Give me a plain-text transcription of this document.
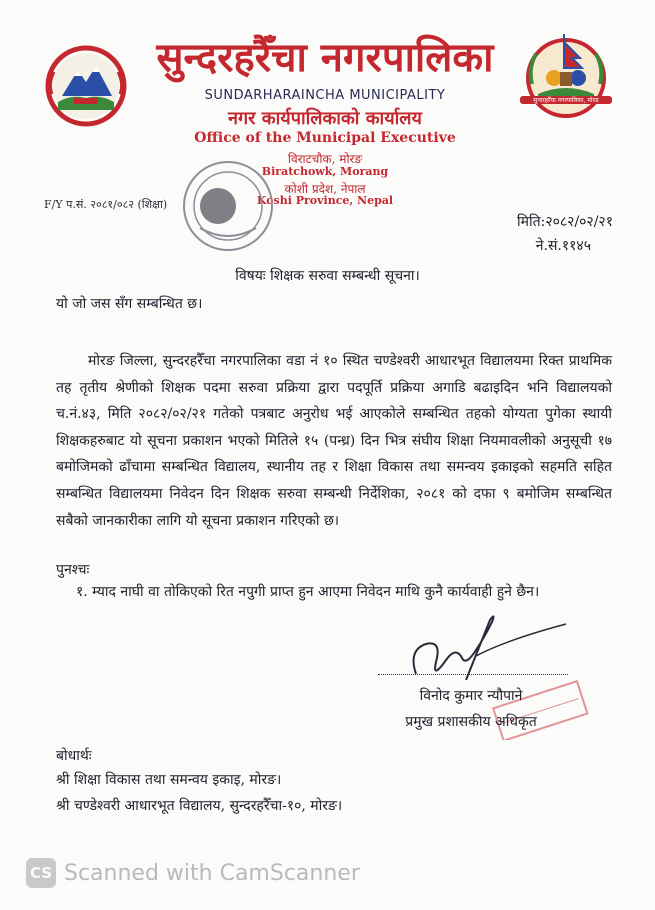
सुन्दरहरैँचा नगरपालिका, मोरङ
सुन्दरहरैँचा नगरपालिका
SUNDARHARAINCHA MUNICIPALITY
नगर कार्यपालिकाको कार्यालय
Office of the Municipal Executive
विराटचौक, मोरङ
Biratchowk, Morang
कोशी प्रदेश, नेपाल
Koshi Province, Nepal
F/Y प.सं. २०८१/०८२ (शिक्षा)
मिति:२०८२/०२/२१
ने.सं.११४५
विषयः शिक्षक सरुवा सम्बन्धी सूचना।
यो जो जस सँग सम्बन्धित छ।
मोरङ जिल्ला, सुन्दरहरैँचा नगरपालिका वडा नं १० स्थित चण्डेश्वरी आधारभूत विद्यालयमा रिक्त प्राथमिक तह तृतीय श्रेणीको शिक्षक पदमा सरुवा प्रक्रिया द्वारा पदपूर्ति प्रक्रिया अगाडि बढाइदिन भनि विद्यालयको च.नं.४३, मिति २०८२/०२/२१ गतेको पत्रबाट अनुरोध भई आएकोले सम्बन्धित तहको योग्यता पुगेका स्थायी शिक्षकहरुबाट यो सूचना प्रकाशन भएको मितिले १५ (पन्ध्र) दिन भित्र संघीय शिक्षा नियमावलीको अनुसूची १७ बमोजिमको ढाँचामा सम्बन्धित विद्यालय, स्थानीय तह र शिक्षा विकास तथा समन्वय इकाइको सहमति सहित सम्बन्धित विद्यालयमा निवेदन दिन शिक्षक सरुवा सम्बन्धी निर्देशिका, २०८१ को दफा ९ बमोजिम सम्बन्धित सबैको जानकारीका लागि यो सूचना प्रकाशन गरिएको छ।
पुनश्चः
१. म्याद नाघी वा तोकिएको रित नपुगी प्राप्त हुन आएमा निवेदन माथि कुनै कार्यवाही हुने छैन।
विनोद कुमार न्यौपाने
प्रमुख प्रशासकीय अधिकृत
बोधार्थः
श्री शिक्षा विकास तथा समन्वय इकाइ, मोरङ।
श्री चण्डेश्वरी आधारभूत विद्यालय, सुन्दरहरैँचा-१०, मोरङ।
CS Scanned with CamScanner
